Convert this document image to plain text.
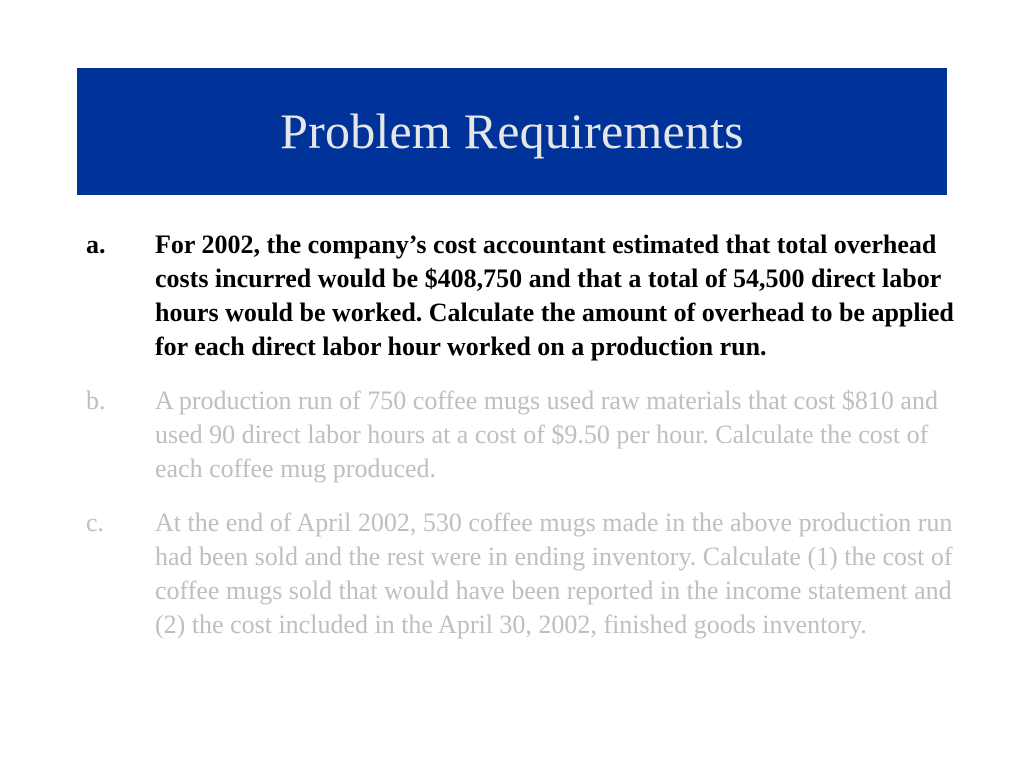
Problem Requirements
a.	For 2002, the company’s cost accountant estimated that total overhead costs incurred would be $408,750 and that a total of 54,500 direct labor hours would be worked. Calculate the amount of overhead to be applied for each direct labor hour worked on a production run.
b.	A production run of 750 coffee mugs used raw materials that cost $810 and used 90 direct labor hours at a cost of $9.50 per hour. Calculate the cost of each coffee mug produced.
c.	At the end of April 2002, 530 coffee mugs made in the above production run had been sold and the rest were in ending inventory. Calculate (1) the cost of coffee mugs sold that would have been reported in the income statement and (2) the cost included in the April 30, 2002, finished goods inventory.
